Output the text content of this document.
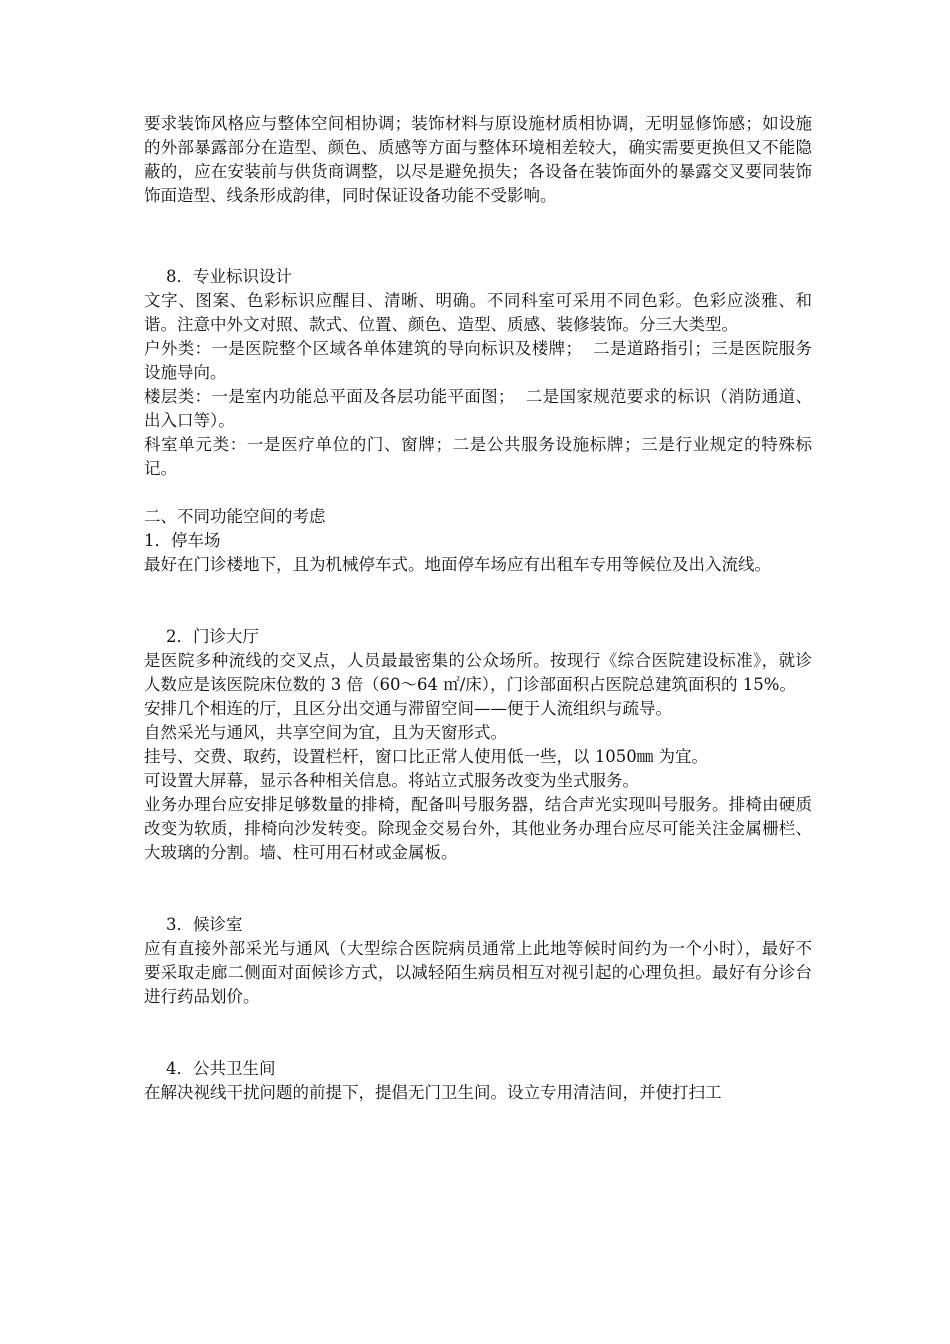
要求装饰风格应与整体空间相协调；装饰材料与原设施材质相协调，无明显修饰感；如设施的外部暴露部分在造型、颜色、质感等方面与整体环境相差较大，确实需要更换但又不能隐蔽的，应在安装前与供货商调整，以尽是避免损失；各设备在装饰面外的暴露交叉要同装饰饰面造型、线条形成韵律，同时保证设备功能不受影响。

8．专业标识设计

文字、图案、色彩标识应醒目、清晰、明确。不同科室可采用不同色彩。色彩应淡雅、和谐。注意中外文对照、款式、位置、颜色、造型、质感、装修装饰。分三大类型。

户外类：一是医院整个区域各单体建筑的导向标识及楼牌；  二是道路指引；三是医院服务设施导向。

楼层类：一是室内功能总平面及各层功能平面图；  二是国家规范要求的标识（消防通道、出入口等）。

科室单元类：一是医疗单位的门、窗牌；二是公共服务设施标牌；三是行业规定的特殊标记。

二、不同功能空间的考虑

1．停车场

最好在门诊楼地下，且为机械停车式。地面停车场应有出租车专用等候位及出入流线。

2．门诊大厅

是医院多种流线的交叉点，人员最最密集的公众场所。按现行《综合医院建设标准》，就诊人数应是该医院床位数的 3 倍（60～64 ㎡/床），门诊部面积占医院总建筑面积的 15%。

安排几个相连的厅，且区分出交通与滞留空间——便于人流组织与疏导。

自然采光与通风，共享空间为宜，且为天窗形式。

挂号、交费、取药，设置栏杆，窗口比正常人使用低一些，以 1050㎜ 为宜。

可设置大屏幕，显示各种相关信息。将站立式服务改变为坐式服务。

业务办理台应安排足够数量的排椅，配备叫号服务器，结合声光实现叫号服务。排椅由硬质改变为软质，排椅向沙发转变。除现金交易台外，其他业务办理台应尽可能关注金属栅栏、大玻璃的分割。墙、柱可用石材或金属板。

3．候诊室

应有直接外部采光与通风（大型综合医院病员通常上此地等候时间约为一个小时），最好不要采取走廊二侧面对面候诊方式，以减轻陌生病员相互对视引起的心理负担。最好有分诊台进行药品划价。

4．公共卫生间

在解决视线干扰问题的前提下，提倡无门卫生间。设立专用清洁间，并使打扫工
